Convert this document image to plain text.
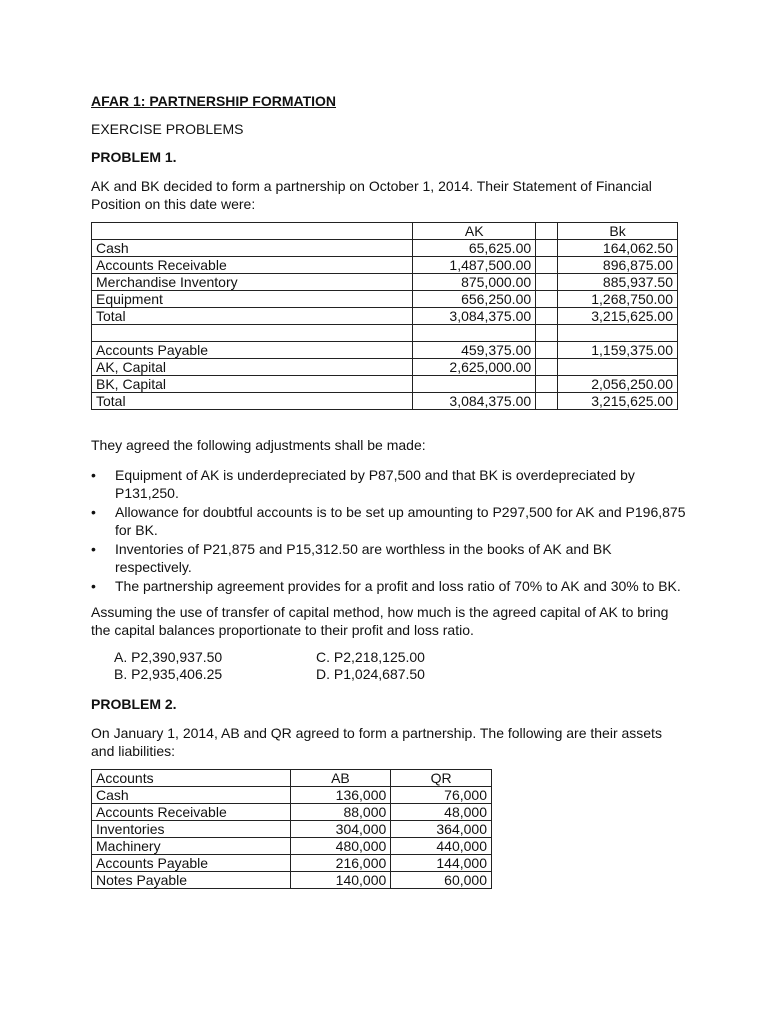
AFAR 1: PARTNERSHIP FORMATION
EXERCISE PROBLEMS
PROBLEM 1.

AK and BK decided to form a partnership on October 1, 2014. Their Statement of Financial

Position on this date were:

	AK		Bk
Cash	65,625.00		164,062.50
Accounts Receivable	1,487,500.00		896,875.00
Merchandise Inventory	875,000.00		885,937.50
Equipment	656,250.00		1,268,750.00
Total	3,084,375.00		3,215,625.00

Accounts Payable	459,375.00		1,159,375.00
AK, Capital	2,625,000.00		
BK, Capital			2,056,250.00
Total	3,084,375.00		3,215,625.00
They agreed the following adjustments shall be made:
• Equipment of AK is underdepreciated by P87,500 and that BK is overdepreciated by
P131,250.
• Allowance for doubtful accounts is to be set up amounting to P297,500 for AK and P196,875
for BK.
• Inventories of P21,875 and P15,312.50 are worthless in the books of AK and BK
respectively.
• The partnership agreement provides for a profit and loss ratio of 70% to AK and 30% to BK.

Assuming the use of transfer of capital method, how much is the agreed capital of AK to bring

the capital balances proportionate to their profit and loss ratio.

A. P2,390,937.50
B. P2,935,406.25
C. P2,218,125.00
D. P1,024,687.50
PROBLEM 2.

On January 1, 2014, AB and QR agreed to form a partnership. The following are their assets

and liabilities:

Accounts	AB	QR
Cash	136,000	76,000
Accounts Receivable	88,000	48,000
Inventories	304,000	364,000
Machinery	480,000	440,000
Accounts Payable	216,000	144,000
Notes Payable	140,000	60,000
